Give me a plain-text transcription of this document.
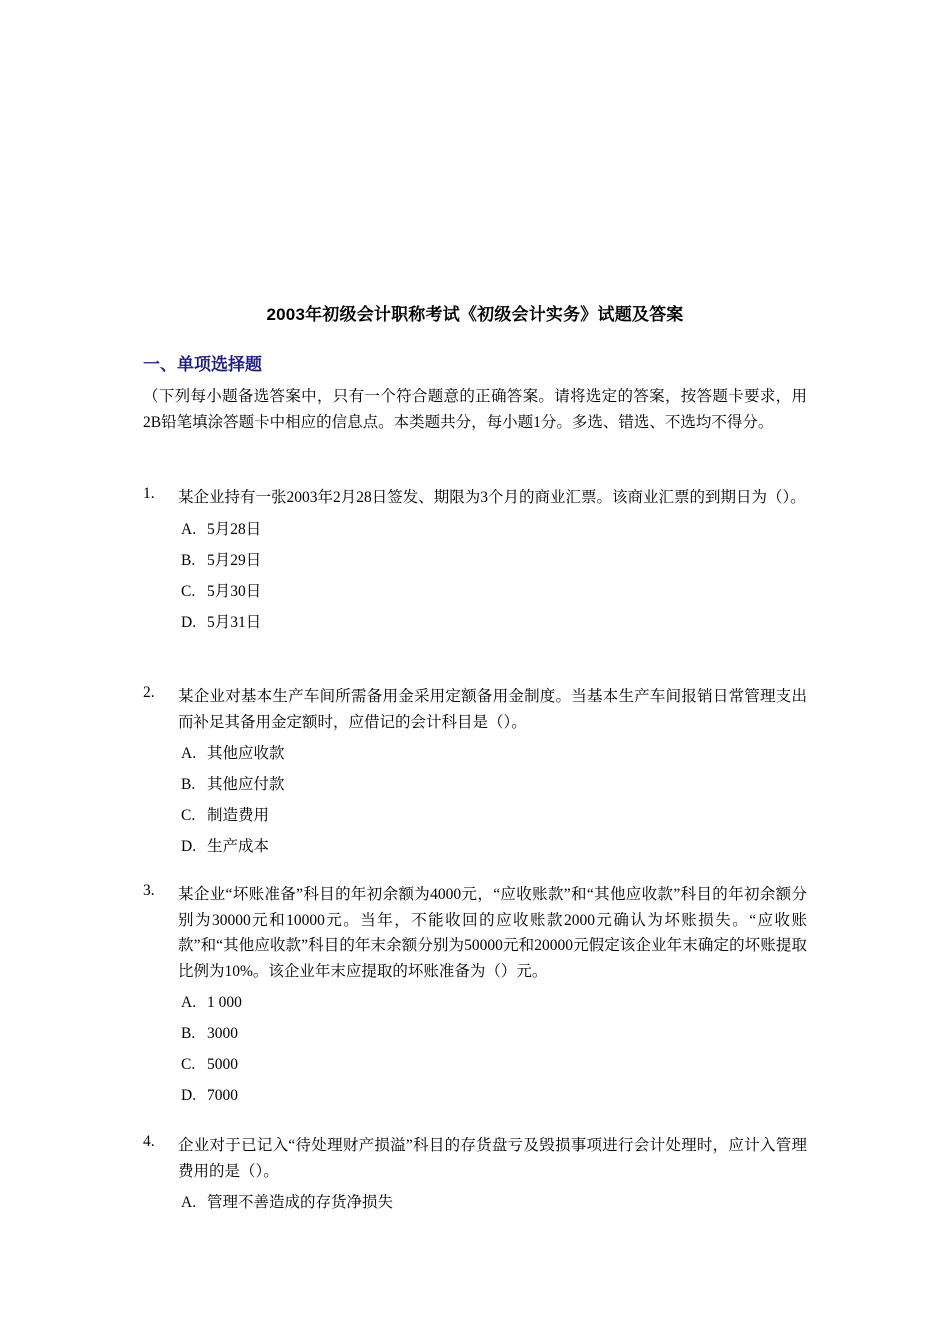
2003年初级会计职称考试《初级会计实务》试题及答案
一、单项选择题
（下列每小题备选答案中，只有一个符合题意的正确答案。请将选定的答案，按答题卡要求，用2B铅笔填涂答题卡中相应的信息点。本类题共分，每小题1分。多选、错选、不选均不得分。
1. 某企业持有一张2003年2月28日签发、期限为3个月的商业汇票。该商业汇票的到期日为（）。
A. 5月28日
B. 5月29日
C. 5月30日
D. 5月31日
2. 某企业对基本生产车间所需备用金采用定额备用金制度。当基本生产车间报销日常管理支出而补足其备用金定额时，应借记的会计科目是（）。
A. 其他应收款
B. 其他应付款
C. 制造费用
D. 生产成本
3. 某企业“坏账准备”科目的年初余额为4000元，“应收账款”和“其他应收款”科目的年初余额分别为30000元和10000元。当年，不能收回的应收账款2000元确认为坏账损失。“应收账款”和“其他应收款”科目的年末余额分别为50000元和20000元假定该企业年末确定的坏账提取比例为10%。该企业年末应提取的坏账准备为（）元。
A. 1 000
B. 3000
C. 5000
D. 7000
4. 企业对于已记入“待处理财产损溢”科目的存货盘亏及毁损事项进行会计处理时，应计入管理费用的是（）。
A. 管理不善造成的存货净损失
